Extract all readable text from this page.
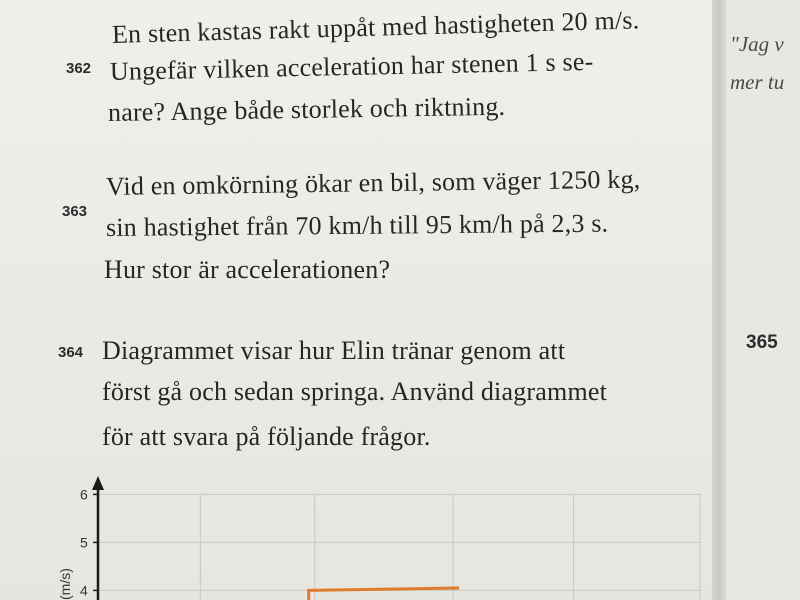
"Jag v
mer tu
365
362
En sten kastas rakt uppåt med hastigheten 20 m/s.
Ungefär vilken acceleration har stenen 1 s se-
nare? Ange både storlek och riktning.
363
Vid en omkörning ökar en bil, som väger 1250 kg,
sin hastighet från 70 km/h till 95 km/h på 2,3 s.
Hur stor är accelerationen?
364 Diagrammet visar hur Elin tränar genom att
först gå och sedan springa. Använd diagrammet
för att svara på följande frågor.
4
5
6
(m/s)
